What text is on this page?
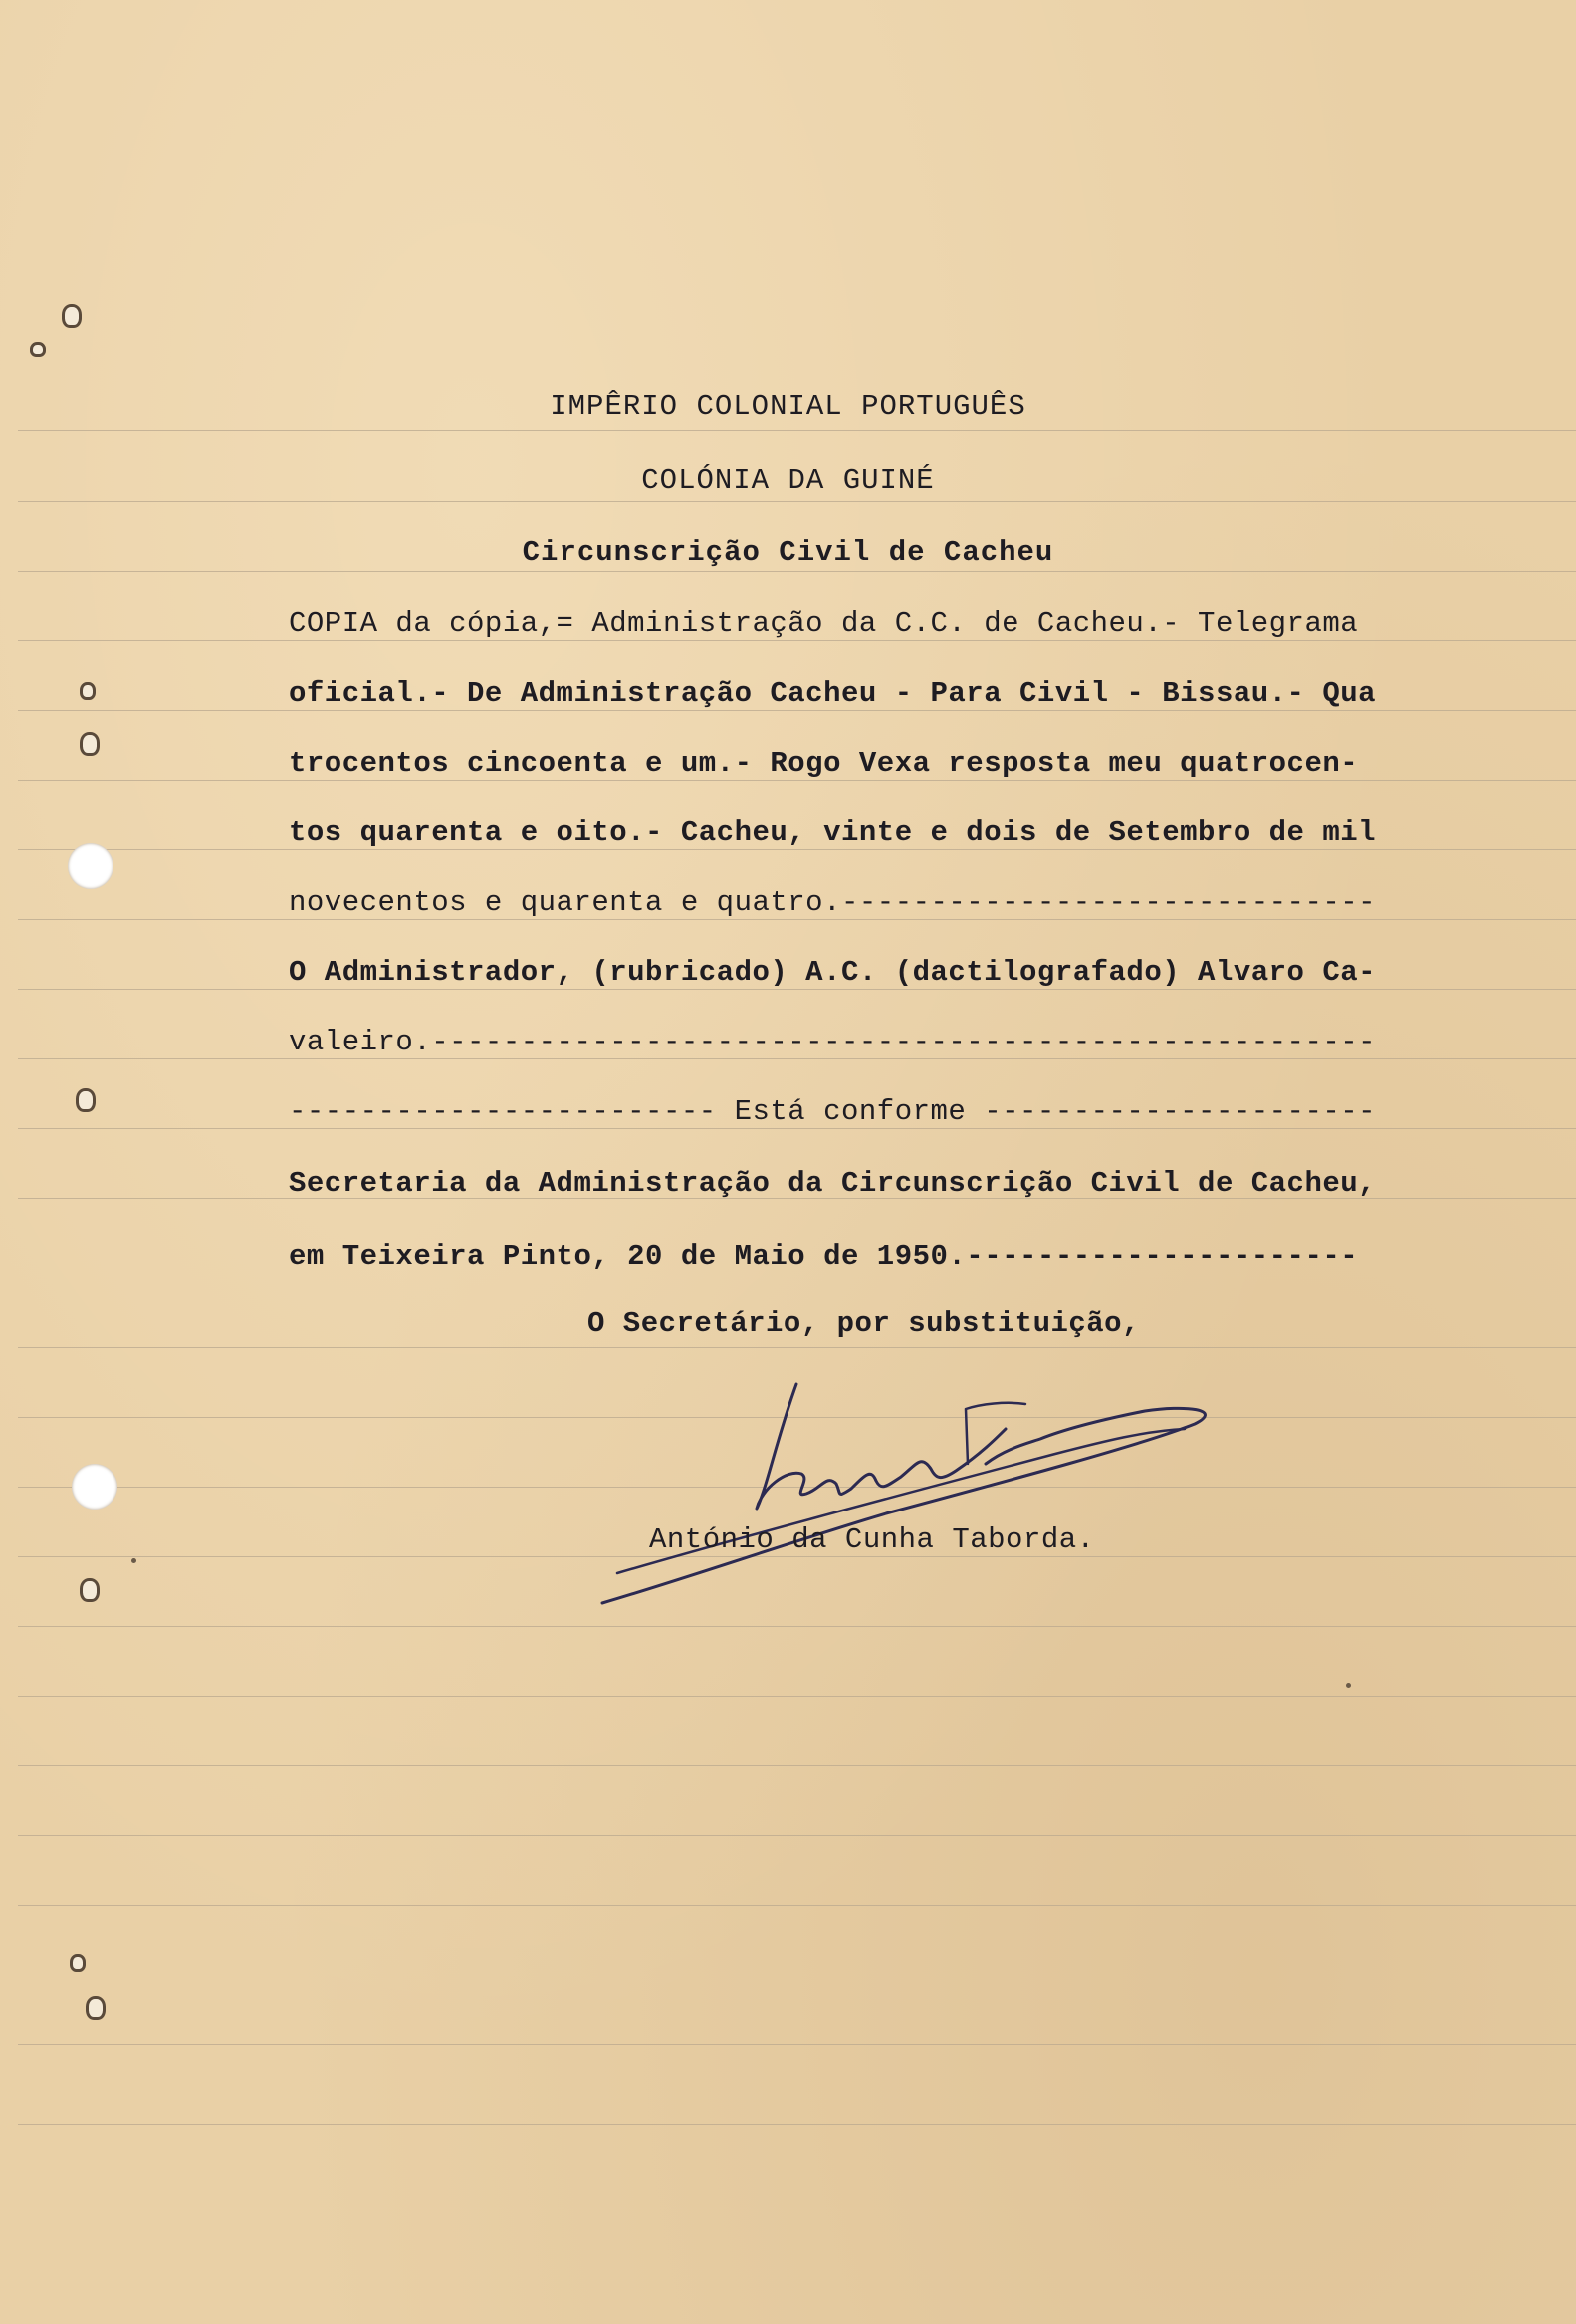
IMPÊRIO COLONIAL PORTUGUÊS
COLÓNIA DA GUINÉ
Circunscrição Civil de Cacheu
COPIA da cópia,= Administração da C.C. de Cacheu.- Telegrama
oficial.- De Administração Cacheu - Para Civil - Bissau.- Qua
trocentos cincoenta e um.- Rogo Vexa resposta meu quatrocen-
tos quarenta e oito.- Cacheu, vinte e dois de Setembro de mil
novecentos e quarenta e quatro.------------------------------
O Administrador, (rubricado) A.C. (dactilografado) Alvaro Ca-
valeiro.-----------------------------------------------------
------------------------ Está conforme ----------------------
Secretaria da Administração da Circunscrição Civil de Cacheu,
em Teixeira Pinto, 20 de Maio de 1950.----------------------
O Secretário, por substituição,
António da Cunha Taborda.
